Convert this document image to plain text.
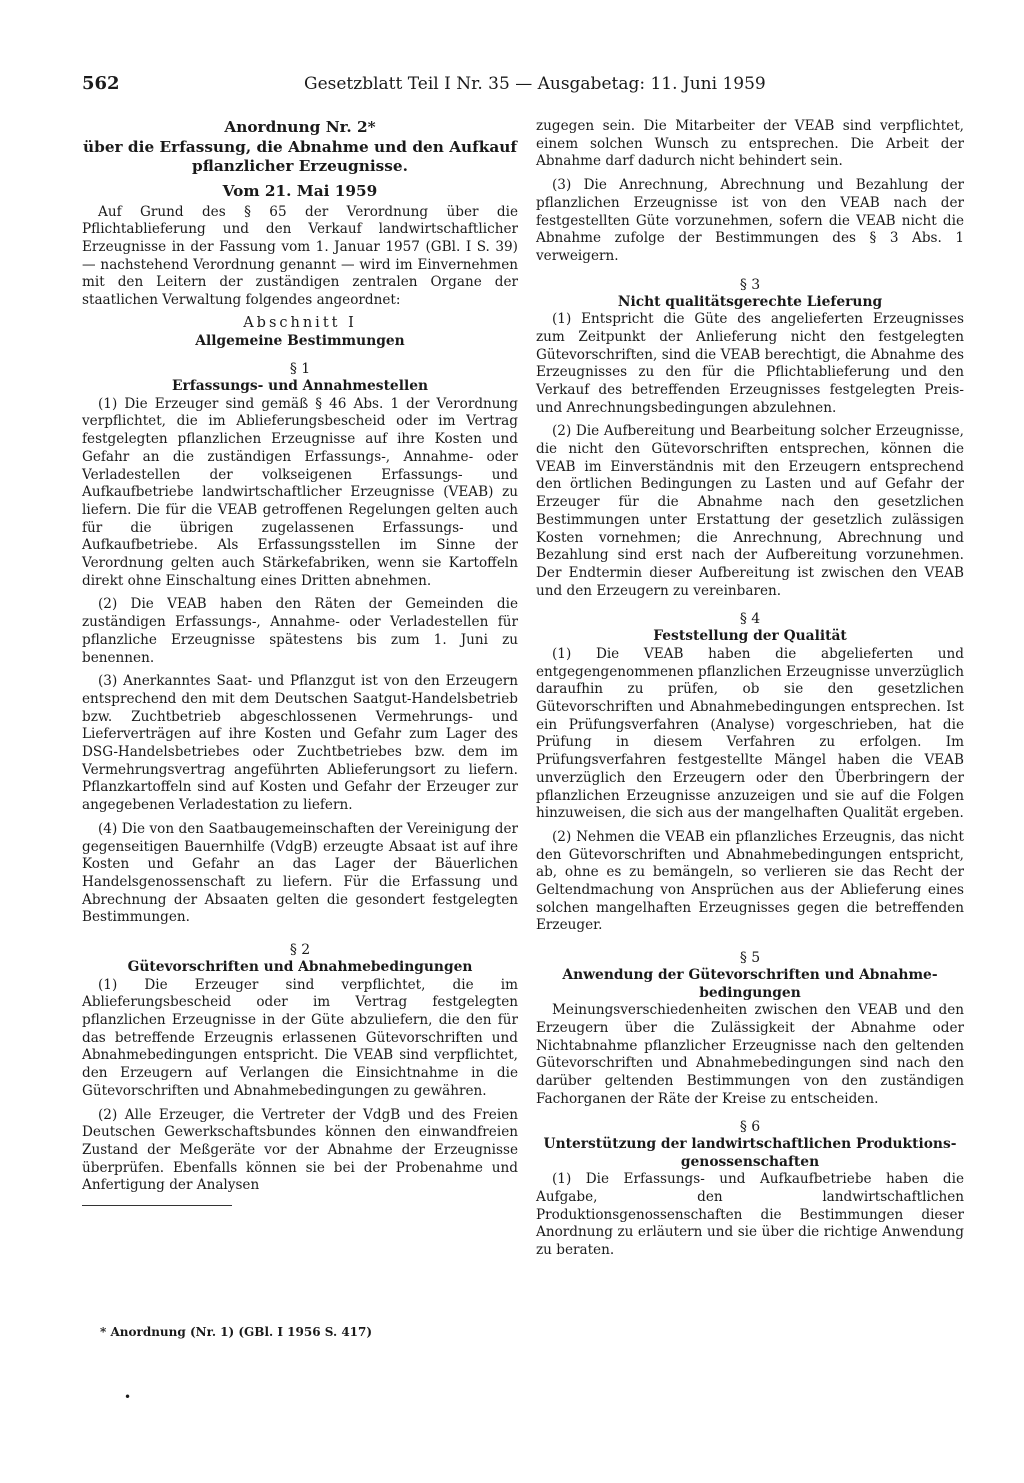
562	Gesetzblatt Teil I Nr. 35 — Ausgabetag: 11. Juni 1959
Anordnung Nr. 2*
über die Erfassung, die Abnahme und den Aufkauf
pflanzlicher Erzeugnisse.
Vom 21. Mai 1959

Auf Grund des § 65 der Verordnung über die Pflichtablieferung und den Verkauf landwirtschaftlicher Erzeugnisse in der Fassung vom 1. Januar 1957 (GBl. I S. 39) — nachstehend Verordnung genannt — wird im Einvernehmen mit den Leitern der zuständigen zentralen Organe der staatlichen Verwaltung folgendes angeordnet:

Abschnitt I
Allgemeine Bestimmungen
§ 1
Erfassungs- und Annahmestellen

(1) Die Erzeuger sind gemäß § 46 Abs. 1 der Verordnung verpflichtet, die im Ablieferungsbescheid oder im Vertrag festgelegten pflanzlichen Erzeugnisse auf ihre Kosten und Gefahr an die zuständigen Erfassungs-, Annahme- oder Verladestellen der volkseigenen Erfassungs- und Aufkaufbetriebe landwirtschaftlicher Erzeugnisse (VEAB) zu liefern. Die für die VEAB getroffenen Regelungen gelten auch für die übrigen zugelassenen Erfassungs- und Aufkaufbetriebe. Als Erfassungsstellen im Sinne der Verordnung gelten auch Stärkefabriken, wenn sie Kartoffeln direkt ohne Einschaltung eines Dritten abnehmen.

(2) Die VEAB haben den Räten der Gemeinden die zuständigen Erfassungs-, Annahme- oder Verladestellen für pflanzliche Erzeugnisse spätestens bis zum 1. Juni zu benennen.

(3) Anerkanntes Saat- und Pflanzgut ist von den Erzeugern entsprechend den mit dem Deutschen Saatgut-Handelsbetrieb bzw. Zuchtbetrieb abgeschlossenen Vermehrungs- und Lieferverträgen auf ihre Kosten und Gefahr zum Lager des DSG-Handelsbetriebes oder Zuchtbetriebes bzw. dem im Vermehrungsvertrag angeführten Ablieferungsort zu liefern. Pflanzkartoffeln sind auf Kosten und Gefahr der Erzeuger zur angegebenen Verladestation zu liefern.

(4) Die von den Saatbaugemeinschaften der Vereinigung der gegenseitigen Bauernhilfe (VdgB) erzeugte Absaat ist auf ihre Kosten und Gefahr an das Lager der Bäuerlichen Handelsgenossenschaft zu liefern. Für die Erfassung und Abrechnung der Absaaten gelten die gesondert festgelegten Bestimmungen.

§ 2
Gütevorschriften und Abnahmebedingungen

(1) Die Erzeuger sind verpflichtet, die im Ablieferungsbescheid oder im Vertrag festgelegten pflanzlichen Erzeugnisse in der Güte abzuliefern, die den für das betreffende Erzeugnis erlassenen Gütevorschriften und Abnahmebedingungen entspricht. Die VEAB sind verpflichtet, den Erzeugern auf Verlangen die Einsichtnahme in die Gütevorschriften und Abnahmebedingungen zu gewähren.

(2) Alle Erzeuger, die Vertreter der VdgB und des Freien Deutschen Gewerkschaftsbundes können den einwandfreien Zustand der Meßgeräte vor der Abnahme der Erzeugnisse überprüfen. Ebenfalls können sie bei der Probenahme und Anfertigung der Analysen

zugegen sein. Die Mitarbeiter der VEAB sind verpflichtet, einem solchen Wunsch zu entsprechen. Die Arbeit der Abnahme darf dadurch nicht behindert sein.

(3) Die Anrechnung, Abrechnung und Bezahlung der pflanzlichen Erzeugnisse ist von den VEAB nach der festgestellten Güte vorzunehmen, sofern die VEAB nicht die Abnahme zufolge der Bestimmungen des § 3 Abs. 1 verweigern.

§ 3
Nicht qualitätsgerechte Lieferung

(1) Entspricht die Güte des angelieferten Erzeugnisses zum Zeitpunkt der Anlieferung nicht den festgelegten Gütevorschriften, sind die VEAB berechtigt, die Abnahme des Erzeugnisses zu den für die Pflichtablieferung und den Verkauf des betreffenden Erzeugnisses festgelegten Preis- und Anrechnungsbedingungen abzulehnen.

(2) Die Aufbereitung und Bearbeitung solcher Erzeugnisse, die nicht den Gütevorschriften entsprechen, können die VEAB im Einverständnis mit den Erzeugern entsprechend den örtlichen Bedingungen zu Lasten und auf Gefahr der Erzeuger für die Abnahme nach den gesetzlichen Bestimmungen unter Erstattung der gesetzlich zulässigen Kosten vornehmen; die Anrechnung, Abrechnung und Bezahlung sind erst nach der Aufbereitung vorzunehmen. Der Endtermin dieser Aufbereitung ist zwischen den VEAB und den Erzeugern zu vereinbaren.

§ 4
Feststellung der Qualität

(1) Die VEAB haben die abgelieferten und entgegengenommenen pflanzlichen Erzeugnisse unverzüglich daraufhin zu prüfen, ob sie den gesetzlichen Gütevorschriften und Abnahmebedingungen entsprechen. Ist ein Prüfungsverfahren (Analyse) vorgeschrieben, hat die Prüfung in diesem Verfahren zu erfolgen. Im Prüfungsverfahren festgestellte Mängel haben die VEAB unverzüglich den Erzeugern oder den Überbringern der pflanzlichen Erzeugnisse anzuzeigen und sie auf die Folgen hinzuweisen, die sich aus der mangelhaften Qualität ergeben.

(2) Nehmen die VEAB ein pflanzliches Erzeugnis, das nicht den Gütevorschriften und Abnahmebedingungen entspricht, ab, ohne es zu bemängeln, so verlieren sie das Recht der Geltendmachung von Ansprüchen aus der Ablieferung eines solchen mangelhaften Erzeugnisses gegen die betreffenden Erzeuger.

§ 5
Anwendung der Gütevorschriften und Abnahme-
bedingungen

Meinungsverschiedenheiten zwischen den VEAB und den Erzeugern über die Zulässigkeit der Abnahme oder Nichtabnahme pflanzlicher Erzeugnisse nach den geltenden Gütevorschriften und Abnahmebedingungen sind nach den darüber geltenden Bestimmungen von den zuständigen Fachorganen der Räte der Kreise zu entscheiden.

§ 6
Unterstützung der landwirtschaftlichen Produktions-
genossenschaften

(1) Die Erfassungs- und Aufkaufbetriebe haben die Aufgabe, den landwirtschaftlichen Produktionsgenossenschaften die Bestimmungen dieser Anordnung zu erläutern und sie über die richtige Anwendung zu beraten.

* Anordnung (Nr. 1) (GBl. I 1956 S. 417)
•
